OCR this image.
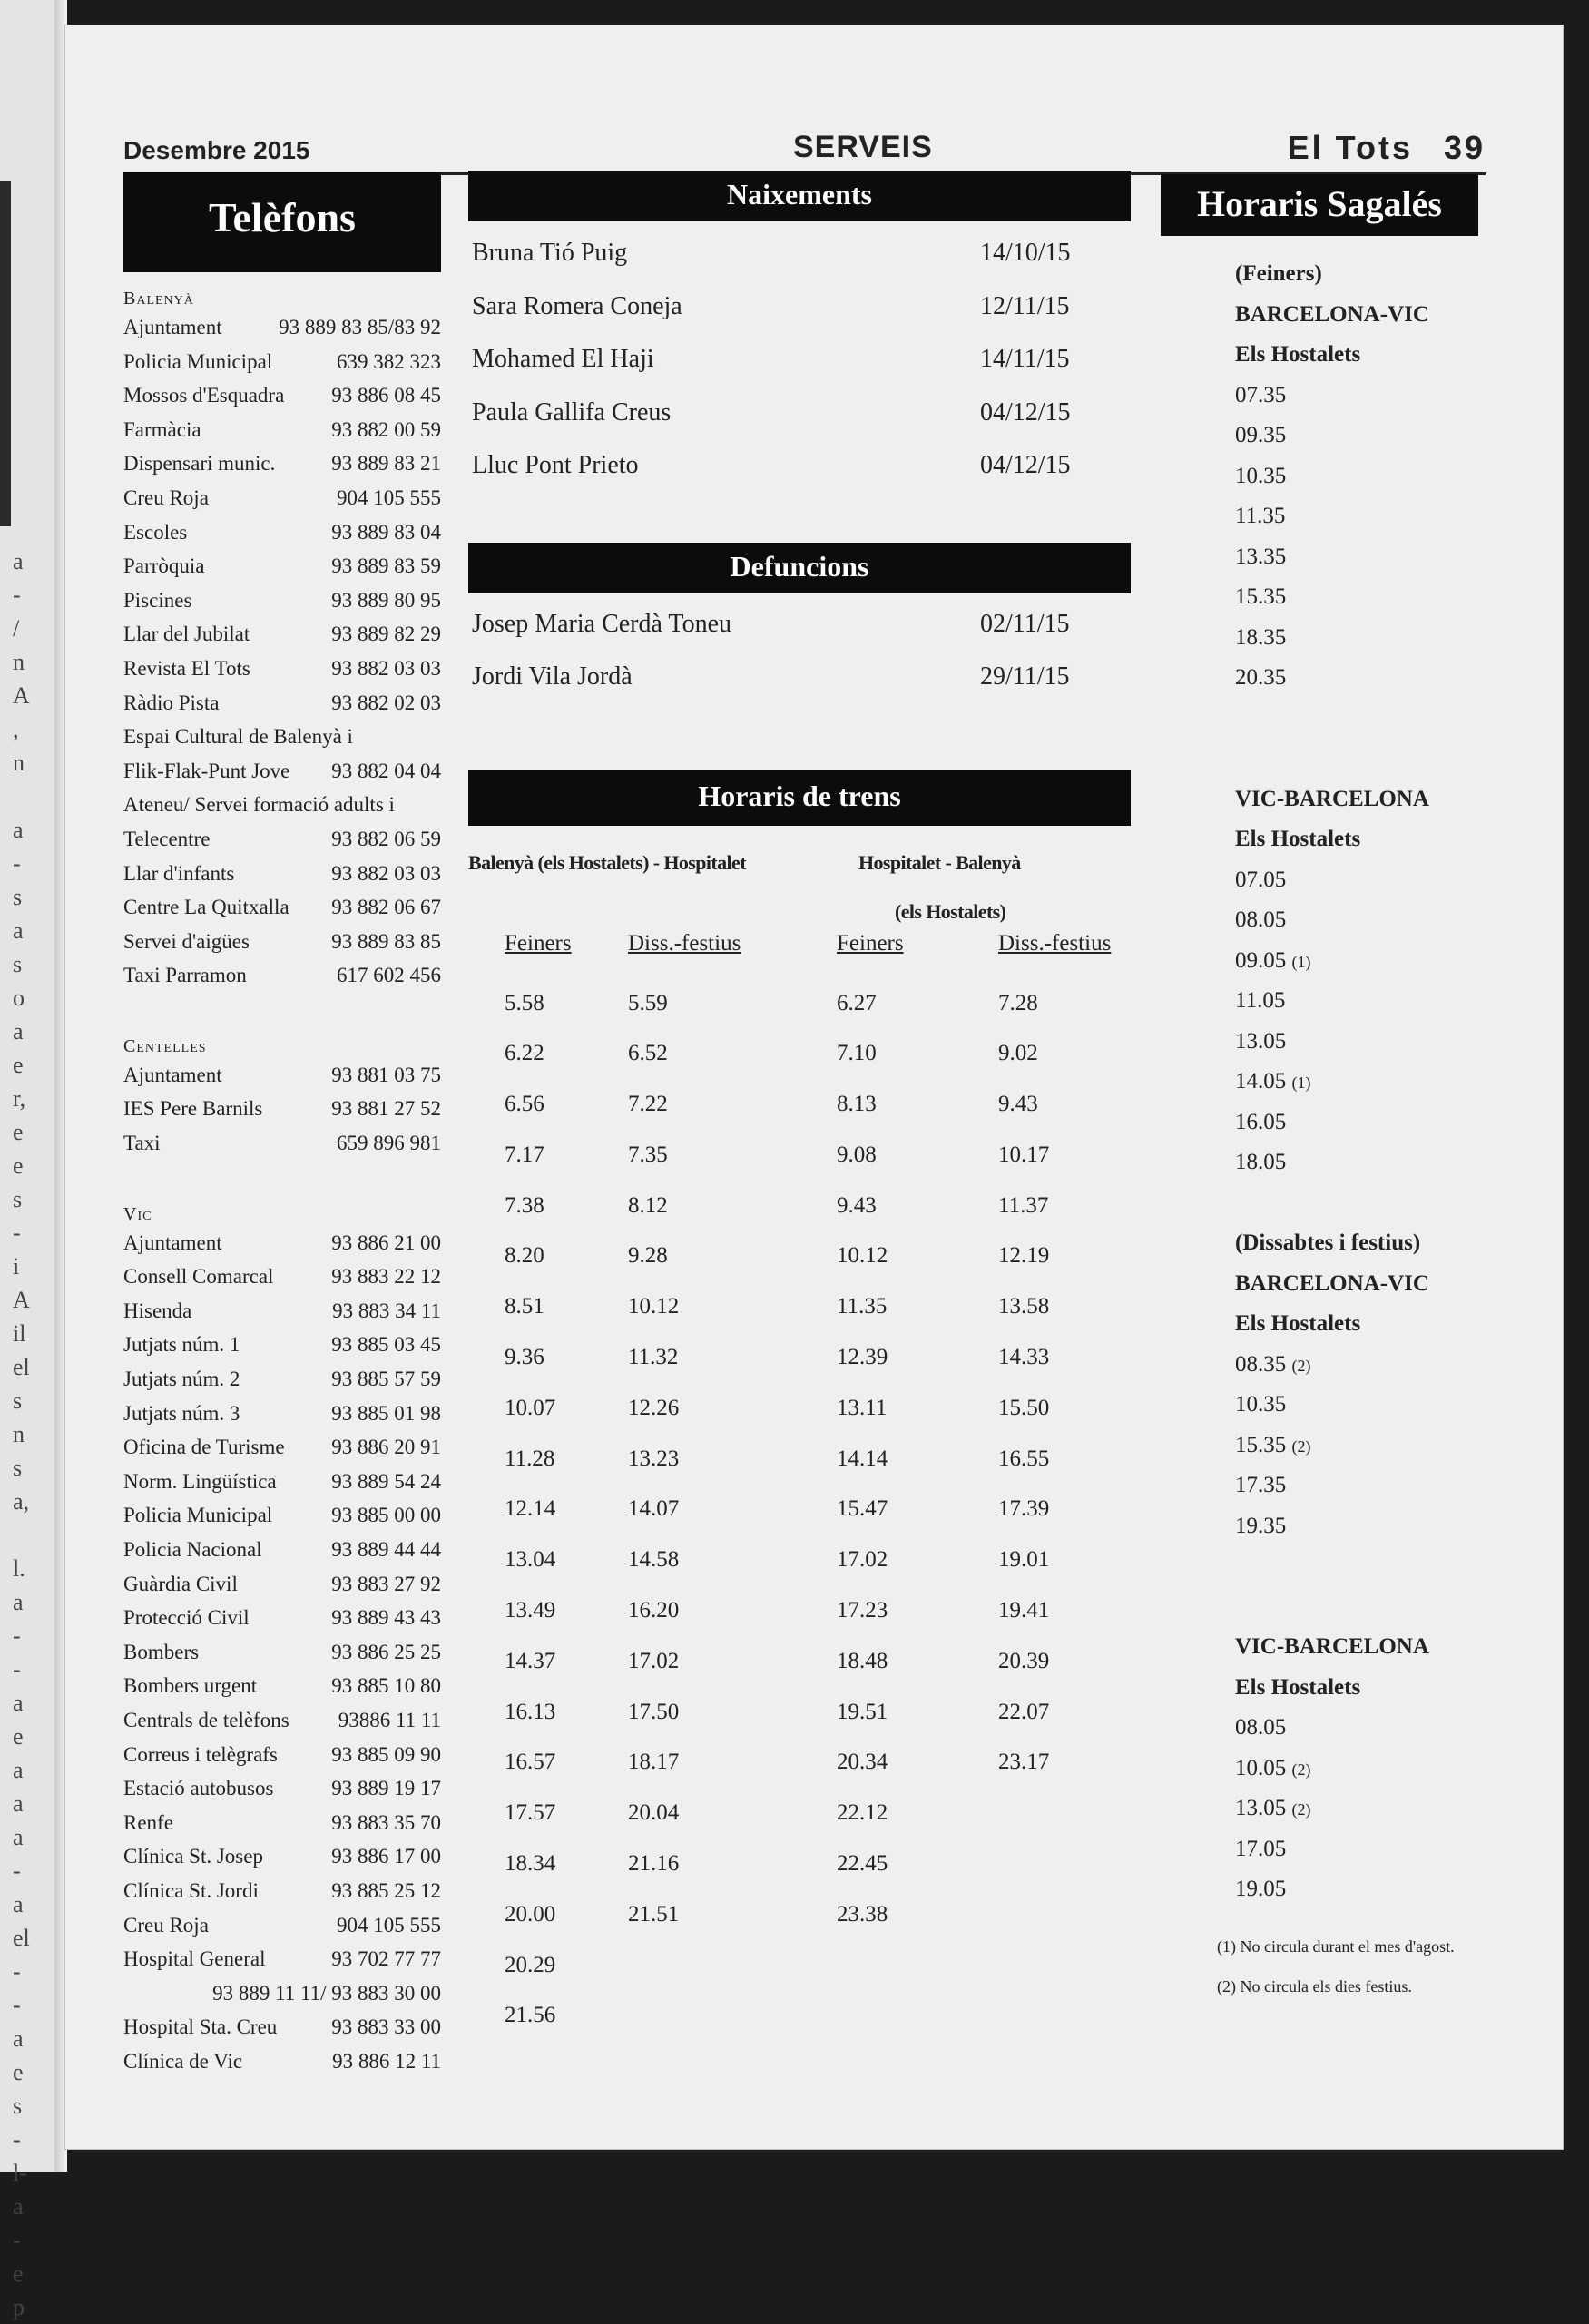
a
-
/
n
A
,
n
a
-
s
a
s
o
a
e
r,
e
e
s
-
i
A
il
el
s
n
s
a,
l.
a
-
-
a
e
a
a
a
-
a
el
-
-
a
e
s
-
l-
a
-
e
p
Desembre 2015	SERVEIS	El Tots 39
Telèfons
Balenyà
Ajuntament	93 889 83 85/83 92
Policia Municipal	639 382 323
Mossos d'Esquadra 93 886 08 45
Farmàcia	93 882 00 59
Dispensari munic.	93 889 83 21
Creu Roja	904 105 555
Escoles	93 889 83 04
Parròquia	93 889 83 59
Piscines	93 889 80 95
Llar del Jubilat	93 889 82 29
Revista El Tots	93 882 03 03
Ràdio Pista	93 882 02 03
Espai Cultural de Balenyà i
Flik-Flak-Punt Jove 93 882 04 04
Ateneu/ Servei formació adults i
Telecentre	93 882 06 59
Llar d'infants	93 882 03 03
Centre La Quitxalla 93 882 06 67
Servei d'aigües	93 889 83 85
Taxi Parramon	617 602 456
Centelles
Ajuntament	93 881 03 75
IES Pere Barnils	93 881 27 52
Taxi	659 896 981
Vic
Ajuntament	93 886 21 00
Consell Comarcal	93 883 22 12
Hisenda	93 883 34 11
Jutjats núm. 1	93 885 03 45
Jutjats núm. 2	93 885 57 59
Jutjats núm. 3	93 885 01 98
Oficina de Turisme 93 886 20 91
Norm. Lingüística	93 889 54 24
Policia Municipal	93 885 00 00
Policia Nacional	93 889 44 44
Guàrdia Civil	93 883 27 92
Protecció Civil	93 889 43 43
Bombers	93 886 25 25
Bombers urgent	93 885 10 80
Centrals de telèfons 93886 11 11
Correus i telègrafs	93 885 09 90
Estació autobusos	93 889 19 17
Renfe	93 883 35 70
Clínica St. Josep	93 886 17 00
Clínica St. Jordi	93 885 25 12
Creu Roja	904 105 555
Hospital General	93 702 77 77
93 889 11 11/ 93 883 30 00
Hospital Sta. Creu	93 883 33 00
Clínica de Vic	93 886 12 11
Naixements
Bruna Tió Puig	14/10/15
Sara Romera Coneja	12/11/15
Mohamed El Haji	14/11/15
Paula Gallifa Creus	04/12/15
Lluc Pont Prieto	04/12/15
Defuncions
Josep Maria Cerdà Toneu	02/11/15
Jordi Vila Jordà	29/11/15
Horaris de trens
Balenyà (els Hostalets) - Hospitalet	Hospitalet - Balenyà
(els Hostalets)
Feiners Diss.-festius	Feiners	Diss.-festius
5.58	5.59	6.27	7.28
6.22	6.52	7.10	9.02
6.56	7.22	8.13	9.43
7.17	7.35	9.08	10.17
7.38	8.12	9.43	11.37
8.20	9.28	10.12	12.19
8.51	10.12	11.35	13.58
9.36	11.32	12.39	14.33
10.07	12.26	13.11	15.50
11.28	13.23	14.14	16.55
12.14	14.07	15.47	17.39
13.04	14.58	17.02	19.01
13.49	16.20	17.23	19.41
14.37	17.02	18.48	20.39
16.13	17.50	19.51	22.07
16.57	18.17	20.34	23.17
17.57	20.04	22.12
18.34	21.16	22.45
20.00	21.51	23.38
20.29
21.56
Horaris Sagalés
(Feiners)
BARCELONA-VIC
Els Hostalets
07.35
09.35
10.35
11.35
13.35
15.35
18.35
20.35
VIC-BARCELONA
Els Hostalets
07.05
08.05
09.05 (1)
11.05
13.05
14.05 (1)
16.05
18.05
(Dissabtes i festius)
BARCELONA-VIC
Els Hostalets
08.35 (2)
10.35
15.35 (2)
17.35
19.35
VIC-BARCELONA
Els Hostalets
08.05
10.05 (2)
13.05 (2)
17.05
19.05
(1) No circula durant el mes d'agost.
(2) No circula els dies festius.
